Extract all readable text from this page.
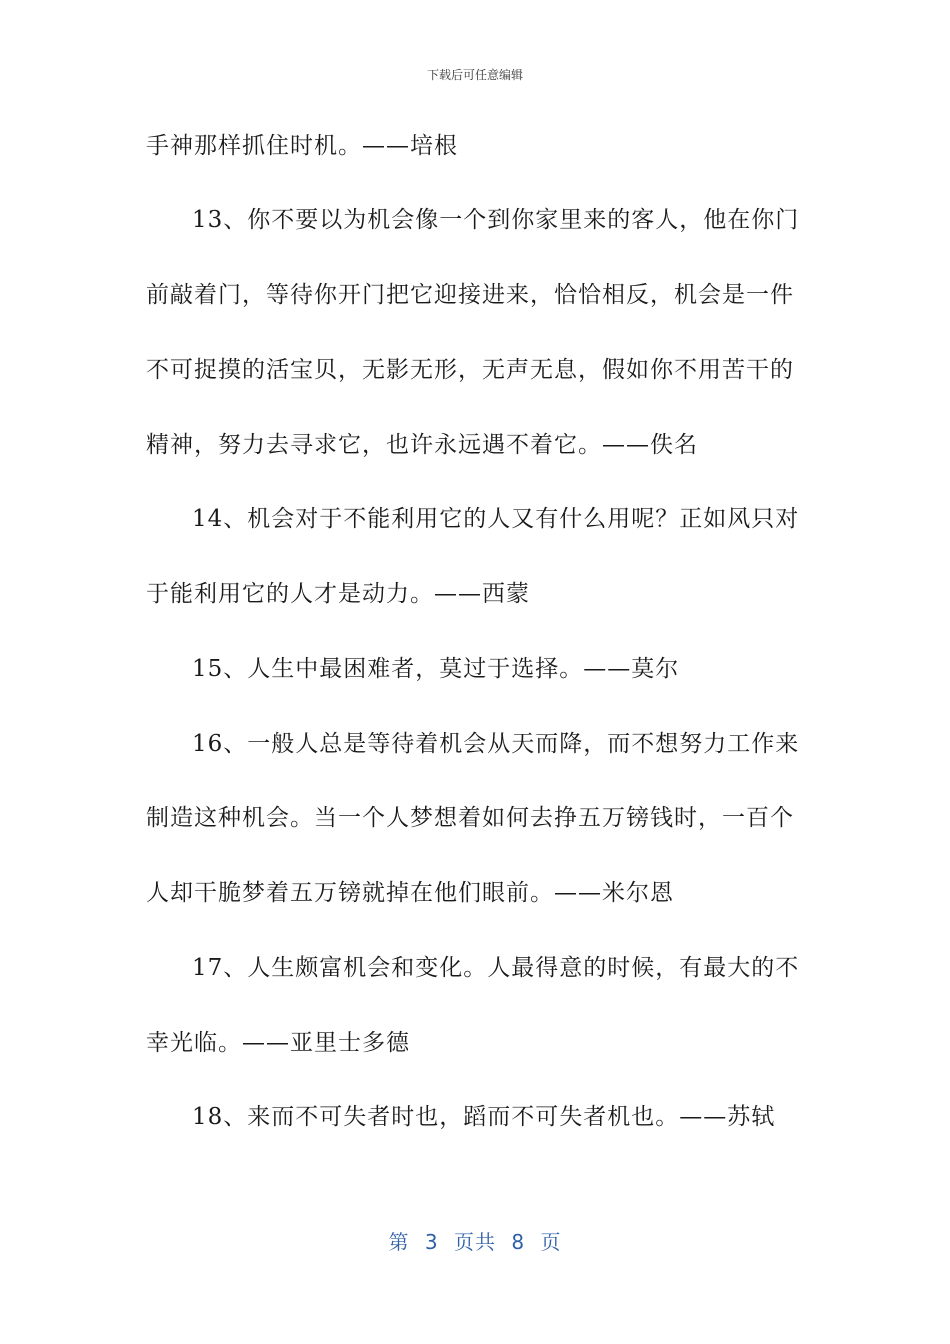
下载后可任意编辑
手神那样抓住时机。——培根
13、你不要以为机会像一个到你家里来的客人，他在你门
前敲着门，等待你开门把它迎接进来，恰恰相反，机会是一件
不可捉摸的活宝贝，无影无形，无声无息，假如你不用苦干的
精神，努力去寻求它，也许永远遇不着它。——佚名
14、机会对于不能利用它的人又有什么用呢？正如风只对
于能利用它的人才是动力。——西蒙
15、人生中最困难者，莫过于选择。——莫尔
16、一般人总是等待着机会从天而降，而不想努力工作来
制造这种机会。当一个人梦想着如何去挣五万镑钱时，一百个
人却干脆梦着五万镑就掉在他们眼前。——米尔恩
17、人生颇富机会和变化。人最得意的时候，有最大的不
幸光临。——亚里士多德
18、来而不可失者时也，蹈而不可失者机也。——苏轼
第 3 页共 8 页
